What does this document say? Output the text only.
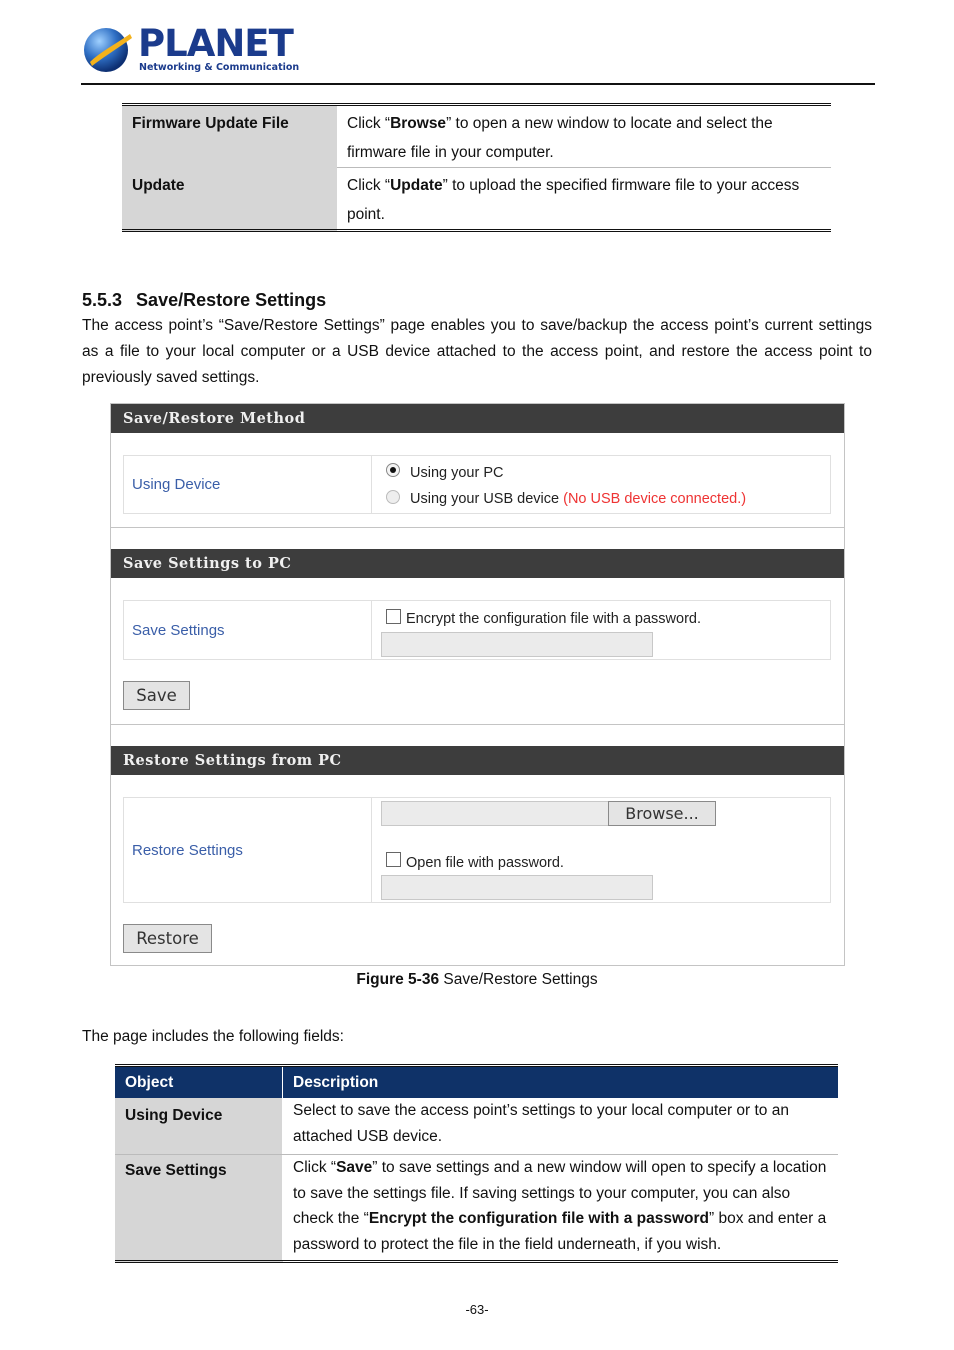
PLANET
Networking & Communication
Firmware Update File	Click “Browse” to open a new window to locate and select the firmware file in your computer.
Update	Click “Update” to upload the specified firmware file to your access point.
5.5.3 Save/Restore Settings

The access point’s “Save/Restore Settings” page enables you to save/backup the access point’s current settings as a file to your local computer or a USB device attached to the access point, and restore the access point to previously saved settings.

Save/Restore Method
Using Device
Using your PC
Using your USB device (No USB device connected.)
Save Settings to PC
Save Settings
Encrypt the configuration file with a password.
Save
Restore Settings from PC
Restore Settings
Browse...
Open file with password.
Restore

Figure 5-36 Save/Restore Settings

The page includes the following fields:

Object	Description
Using Device	Select to save the access point’s settings to your local computer or to an attached USB device.
Save Settings	Click “Save” to save settings and a new window will open to specify a location to save the settings file. If saving settings to your computer, you can also check the “Encrypt the configuration file with a password” box and enter a password to protect the file in the field underneath, if you wish.

-63-
